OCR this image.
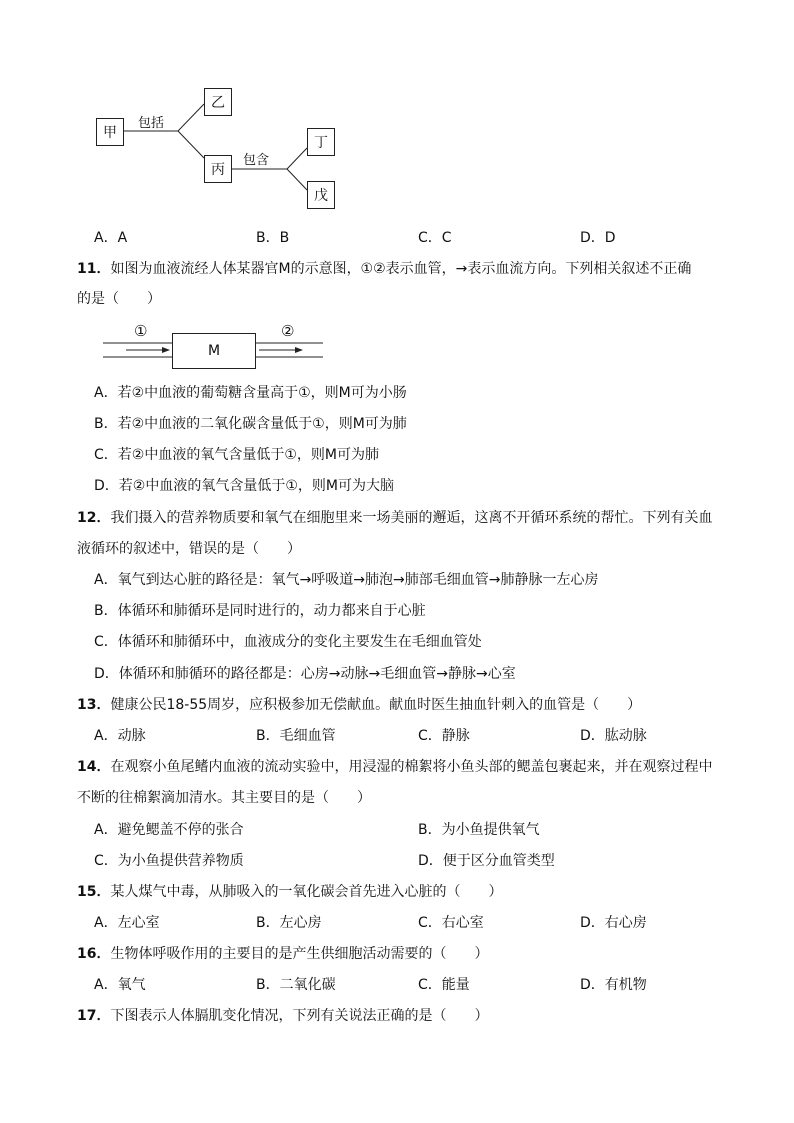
甲
乙
丙
丁
戊
包括
包含
A．A	B．B	C．C	D．D
11．如图为血液流经人体某器官M的示意图，①②表示血管，→表示血流方向。下列相关叙述不正确
的是（　　）
M
①	②
A．若②中血液的葡萄糖含量高于①，则M可为小肠
B．若②中血液的二氧化碳含量低于①，则M可为肺
C．若②中血液的氧气含量低于①，则M可为肺
D．若②中血液的氧气含量低于①，则M可为大脑
12．我们摄入的营养物质要和氧气在细胞里来一场美丽的邂逅，这离不开循环系统的帮忙。下列有关血
液循环的叙述中，错误的是（　　）
A．氧气到达心脏的路径是：氧气→呼吸道→肺泡→肺部毛细血管→肺静脉一左心房
B．体循环和肺循环是同时进行的，动力都来自于心脏
C．体循环和肺循环中，血液成分的变化主要发生在毛细血管处
D．体循环和肺循环的路径都是：心房→动脉→毛细血管→静脉→心室
13．健康公民18-55周岁，应积极参加无偿献血。献血时医生抽血针刺入的血管是（　　）
A．动脉	B．毛细血管	C．静脉	D．肱动脉
14．在观察小鱼尾鳍内血液的流动实验中，用浸湿的棉絮将小鱼头部的鳃盖包裹起来，并在观察过程中
不断的往棉絮滴加清水。其主要目的是（　　）
A．避免鳃盖不停的张合	B．为小鱼提供氧气
C．为小鱼提供营养物质	D．便于区分血管类型
15．某人煤气中毒，从肺吸入的一氧化碳会首先进入心脏的（　　）
A．左心室	B．左心房	C．右心室	D．右心房
16．生物体呼吸作用的主要目的是产生供细胞活动需要的（　　）
A．氧气	B．二氧化碳	C．能量	D．有机物
17．下图表示人体膈肌变化情况，下列有关说法正确的是（　　）
